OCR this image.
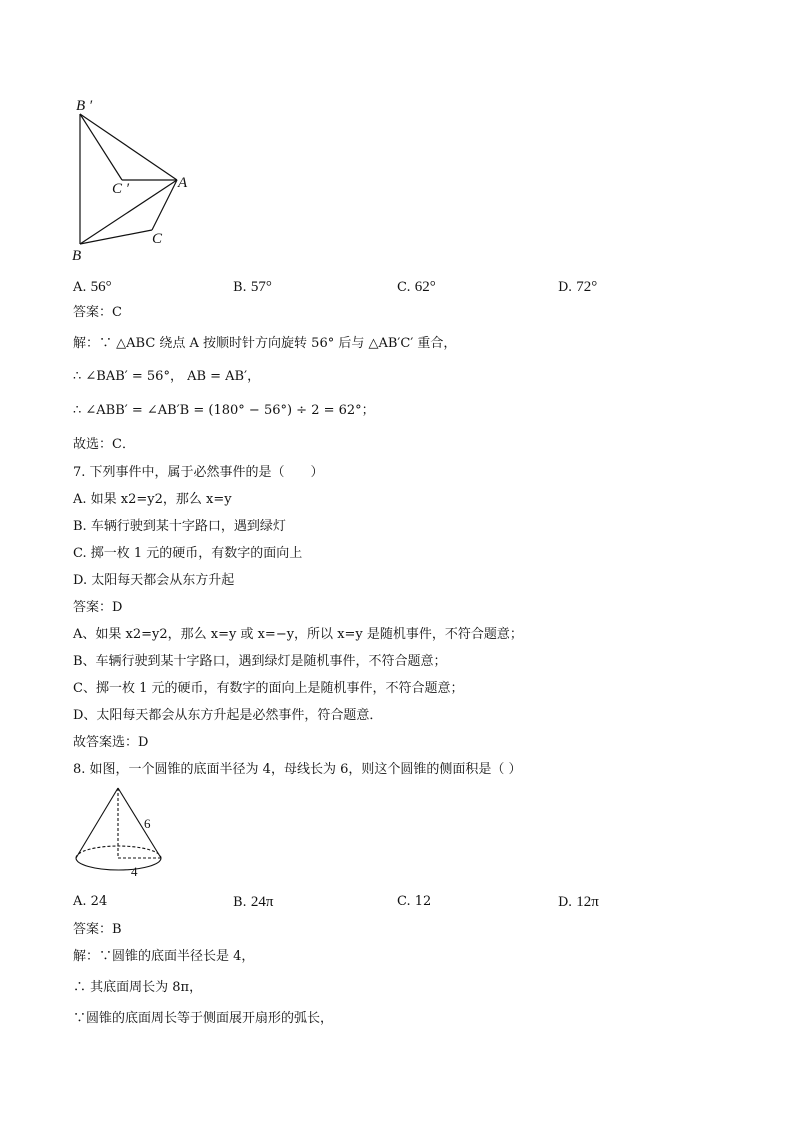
B ′
C ′	A
B
C
A. 56°	B. 57°	C. 62°	D. 72°
答案：C
解：∵ △ABC 绕点 A 按顺时针方向旋转 56° 后与 △AB′C′ 重合，
∴ ∠BAB′ = 56°， AB = AB′，
∴ ∠ABB′ = ∠AB′B = (180° − 56°) ÷ 2 = 62°；
故选：C．
7. 下列事件中，属于必然事件的是（　　）
A. 如果 x2=y2，那么 x=y
B. 车辆行驶到某十字路口，遇到绿灯
C. 掷一枚 1 元的硬币，有数字的面向上
D. 太阳每天都会从东方升起
答案：D
A、如果 x2=y2，那么 x=y 或 x=−y，所以 x=y 是随机事件，不符合题意；
B、车辆行驶到某十字路口，遇到绿灯是随机事件，不符合题意；
C、掷一枚 1 元的硬币，有数字的面向上是随机事件，不符合题意；
D、太阳每天都会从东方升起是必然事件，符合题意．
故答案选：D
8. 如图，一个圆锥的底面半径为 4，母线长为 6，则这个圆锥的侧面积是（ ）
6
4
A. 24	B. 24π	C. 12	D. 12π
答案：B
解：∵圆锥的底面半径长是 4，
∴ 其底面周长为 8π，
∵圆锥的底面周长等于侧面展开扇形的弧长，
